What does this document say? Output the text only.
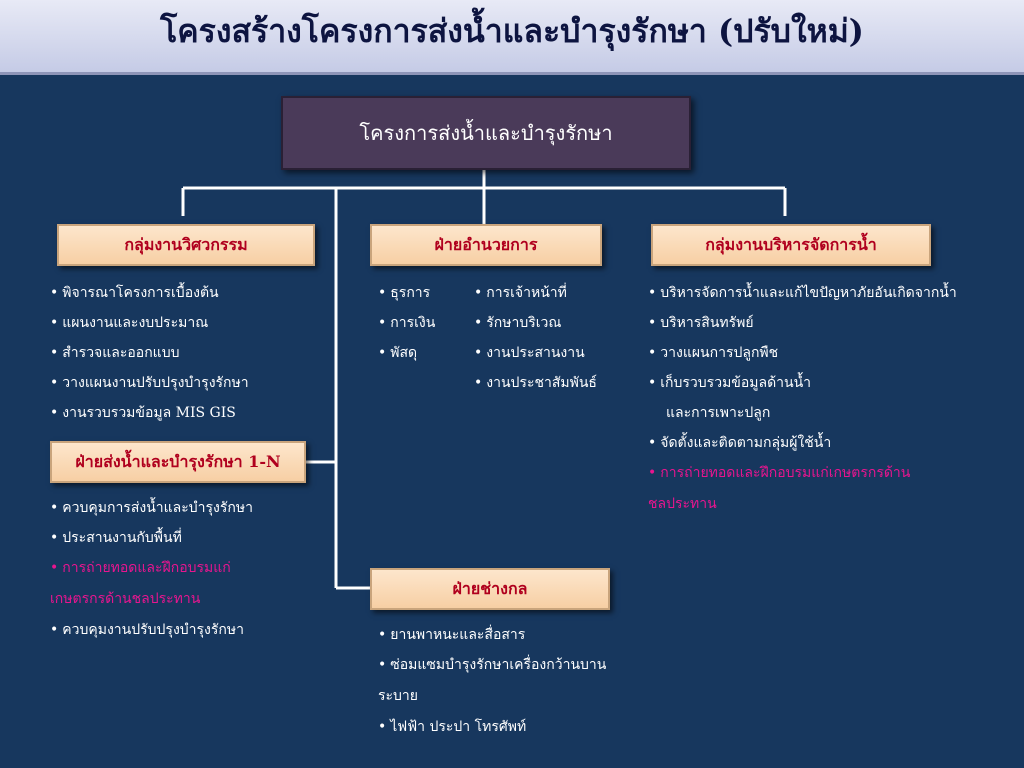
โครงสร้างโครงการส่งน้ำและบำรุงรักษา (ปรับใหม่)
โครงการส่งน้ำและบำรุงรักษา
กลุ่มงานวิศวกรรม	ฝ่ายอำนวยการ	กลุ่มงานบริหารจัดการน้ำ
ฝ่ายส่งน้ำและบำรุงรักษา 1-N
ฝ่ายช่างกล
• พิจารณาโครงการเบื้องต้น
• แผนงานและงบประมาณ
• สำรวจและออกแบบ
• วางแผนงานปรับปรุงบำรุงรักษา
• งานรวบรวมข้อมูล MIS GIS
• ธุรการ
• การเงิน
• พัสดุ
• การเจ้าหน้าที่
• รักษาบริเวณ
• งานประสานงาน
• งานประชาสัมพันธ์
• บริหารจัดการน้ำและแก้ไขปัญหาภัยอันเกิดจากน้ำ
• บริหารสินทรัพย์
• วางแผนการปลูกพืช
• เก็บรวบรวมข้อมูลด้านน้ำ
และการเพาะปลูก
• จัดตั้งและติดตามกลุ่มผู้ใช้น้ำ
• การถ่ายทอดและฝึกอบรมแก่เกษตรกรด้านชลประทาน
• ควบคุมการส่งน้ำและบำรุงรักษา
• ประสานงานกับพื้นที่
• การถ่ายทอดและฝึกอบรมแก่เกษตรกรด้านชลประทาน
• ควบคุมงานปรับปรุงบำรุงรักษา	• ยานพาหนะและสื่อสาร
• ซ่อมแซมบำรุงรักษาเครื่องกว้านบานระบาย
• ไฟฟ้า ประปา โทรศัพท์
